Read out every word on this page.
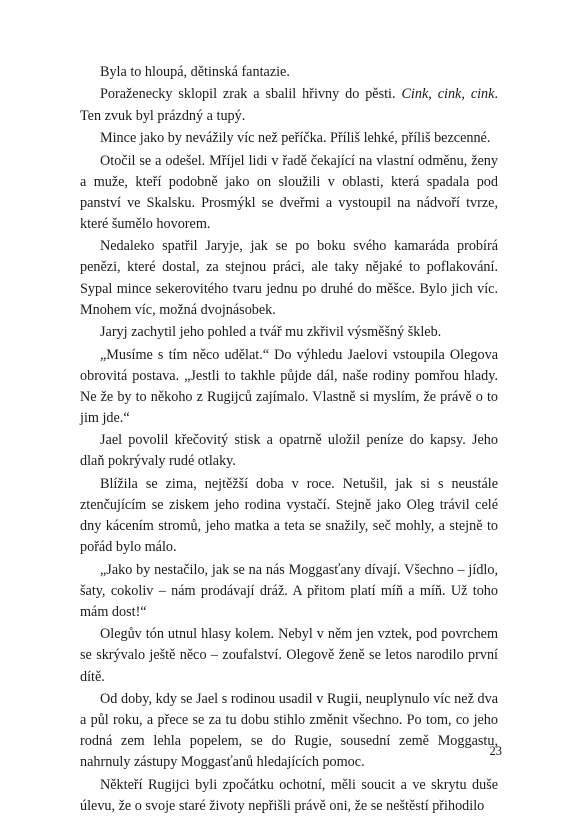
Byla to hloupá, dětinská fantazie.

Poraženecky sklopil zrak a sbalil hřivny do pěsti. Cink, cink, cink. Ten zvuk byl prázdný a tupý.

Mince jako by nevážily víc než peříčka. Příliš lehké, příliš bezcenné.

Otočil se a odešel. Mříjel lidi v řadě čekající na vlastní odměnu, ženy a muže, kteří podobně jako on sloužili v oblasti, která spadala pod panství ve Skalsku. Prosmýkl se dveřmi a vystoupil na nádvoří tvrze, které šumělo hovorem.

Nedaleko spatřil Jaryje, jak se po boku svého kamaráda probírá penězi, které dostal, za stejnou práci, ale taky nějaké to poflakování. Sypal mince sekerovitého tvaru jednu po druhé do měšce. Bylo jich víc. Mnohem víc, možná dvojnásobek.

Jaryj zachytil jeho pohled a tvář mu zkřivil výsměšný škleb.

„Musíme s tím něco udělat.“ Do výhledu Jaelovi vstoupila Olegova obrovitá postava. „Jestli to takhle půjde dál, naše rodiny pomřou hlady. Ne že by to někoho z Rugijců zajímalo. Vlastně si myslím, že právě o to jim jde.“

Jael povolil křečovitý stisk a opatrně uložil peníze do kapsy. Jeho dlaň pokrývaly rudé otlaky.

Blížila se zima, nejtěžší doba v roce. Netušil, jak si s neustále ztenčujícím se ziskem jeho rodina vystačí. Stejně jako Oleg trávil celé dny kácením stromů, jeho matka a teta se snažily, seč mohly, a stejně to pořád bylo málo.

„Jako by nestačilo, jak se na nás Moggasťany dívají. Všechno – jídlo, šaty, cokoliv – nám prodávají dráž. A přitom platí míň a míň. Už toho mám dost!“

Olegův tón utnul hlasy kolem. Nebyl v něm jen vztek, pod povrchem se skrývalo ještě něco – zoufalství. Olegově ženě se letos narodilo první dítě.

Od doby, kdy se Jael s rodinou usadil v Rugii, neuplynulo víc než dva a půl roku, a přece se za tu dobu stihlo změnit všechno. Po tom, co jeho rodná zem lehla popelem, se do Rugie, sousední země Moggastu, nahrnuly zástupy Moggasťanů hledajících pomoc.

Někteří Rugijci byli zpočátku ochotní, měli soucit a ve skrytu duše úlevu, že o svoje staré životy nepřišli právě oni, že se neštěstí přihodilo

23
